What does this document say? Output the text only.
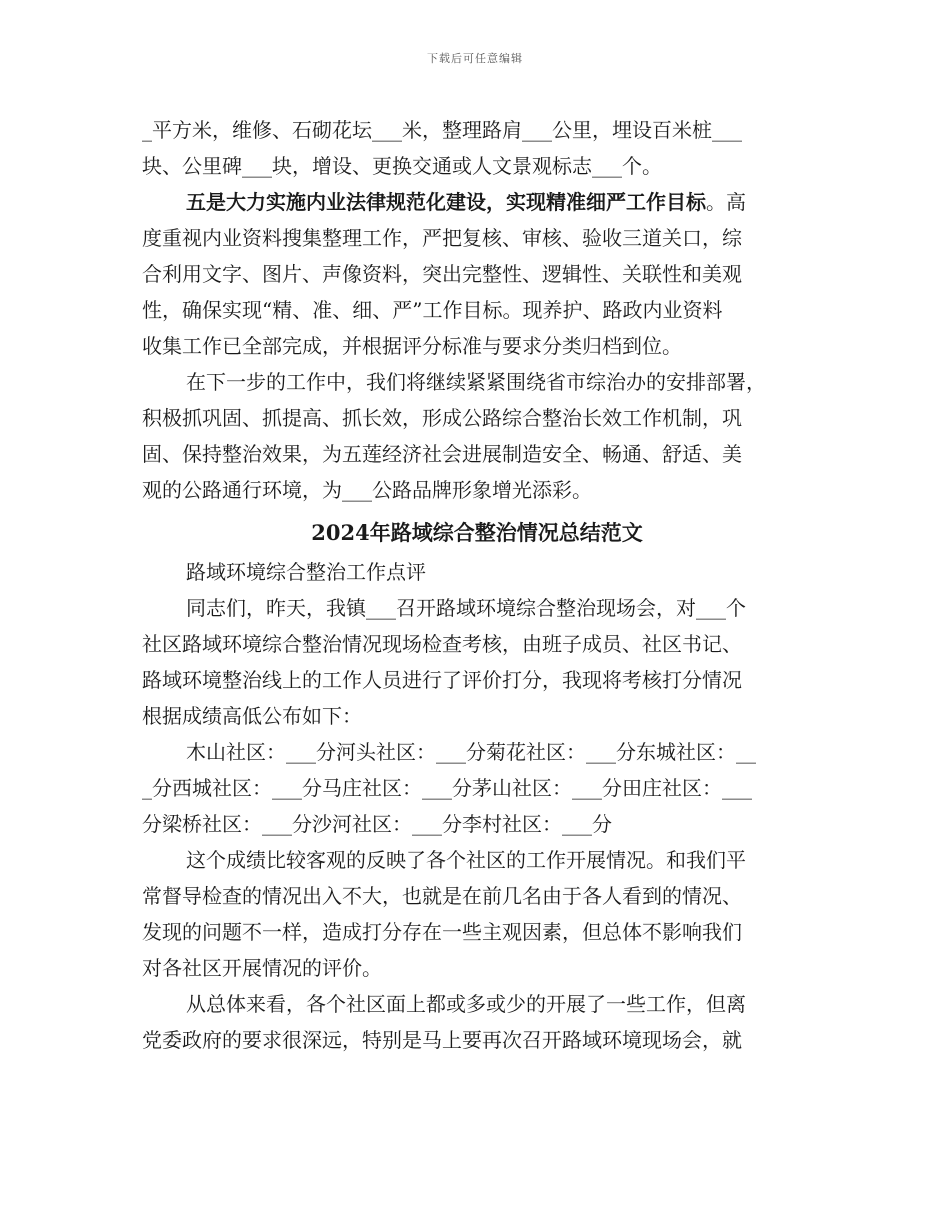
下载后可任意编辑
_平方米，维修、石砌花坛___米，整理路肩___公里，埋设百米桩___
块、公里碑___块，增设、更换交通或人文景观标志___个。
五是大力实施内业法律规范化建设，实现精准细严工作目标。高
度重视内业资料搜集整理工作，严把复核、审核、验收三道关口，综
合利用文字、图片、声像资料，突出完整性、逻辑性、关联性和美观
性，确保实现“精、准、细、严”工作目标。现养护、路政内业资料
收集工作已全部完成，并根据评分标准与要求分类归档到位。
在下一步的工作中，我们将继续紧紧围绕省市综治办的安排部署，
积极抓巩固、抓提高、抓长效，形成公路综合整治长效工作机制，巩
固、保持整治效果，为五莲经济社会进展制造安全、畅通、舒适、美
观的公路通行环境，为___公路品牌形象增光添彩。
2024年路域综合整治情况总结范文
路域环境综合整治工作点评
同志们，昨天，我镇___召开路域环境综合整治现场会，对___个
社区路域环境综合整治情况现场检查考核，由班子成员、社区书记、
路域环境整治线上的工作人员进行了评价打分，我现将考核打分情况
根据成绩高低公布如下：
木山社区：___分河头社区：___分菊花社区：___分东城社区：__
_分西城社区：___分马庄社区：___分茅山社区：___分田庄社区：___
分梁桥社区：___分沙河社区：___分李村社区：___分
这个成绩比较客观的反映了各个社区的工作开展情况。和我们平
常督导检查的情况出入不大，也就是在前几名由于各人看到的情况、
发现的问题不一样，造成打分存在一些主观因素，但总体不影响我们
对各社区开展情况的评价。
从总体来看，各个社区面上都或多或少的开展了一些工作，但离
党委政府的要求很深远，特别是马上要再次召开路域环境现场会，就
